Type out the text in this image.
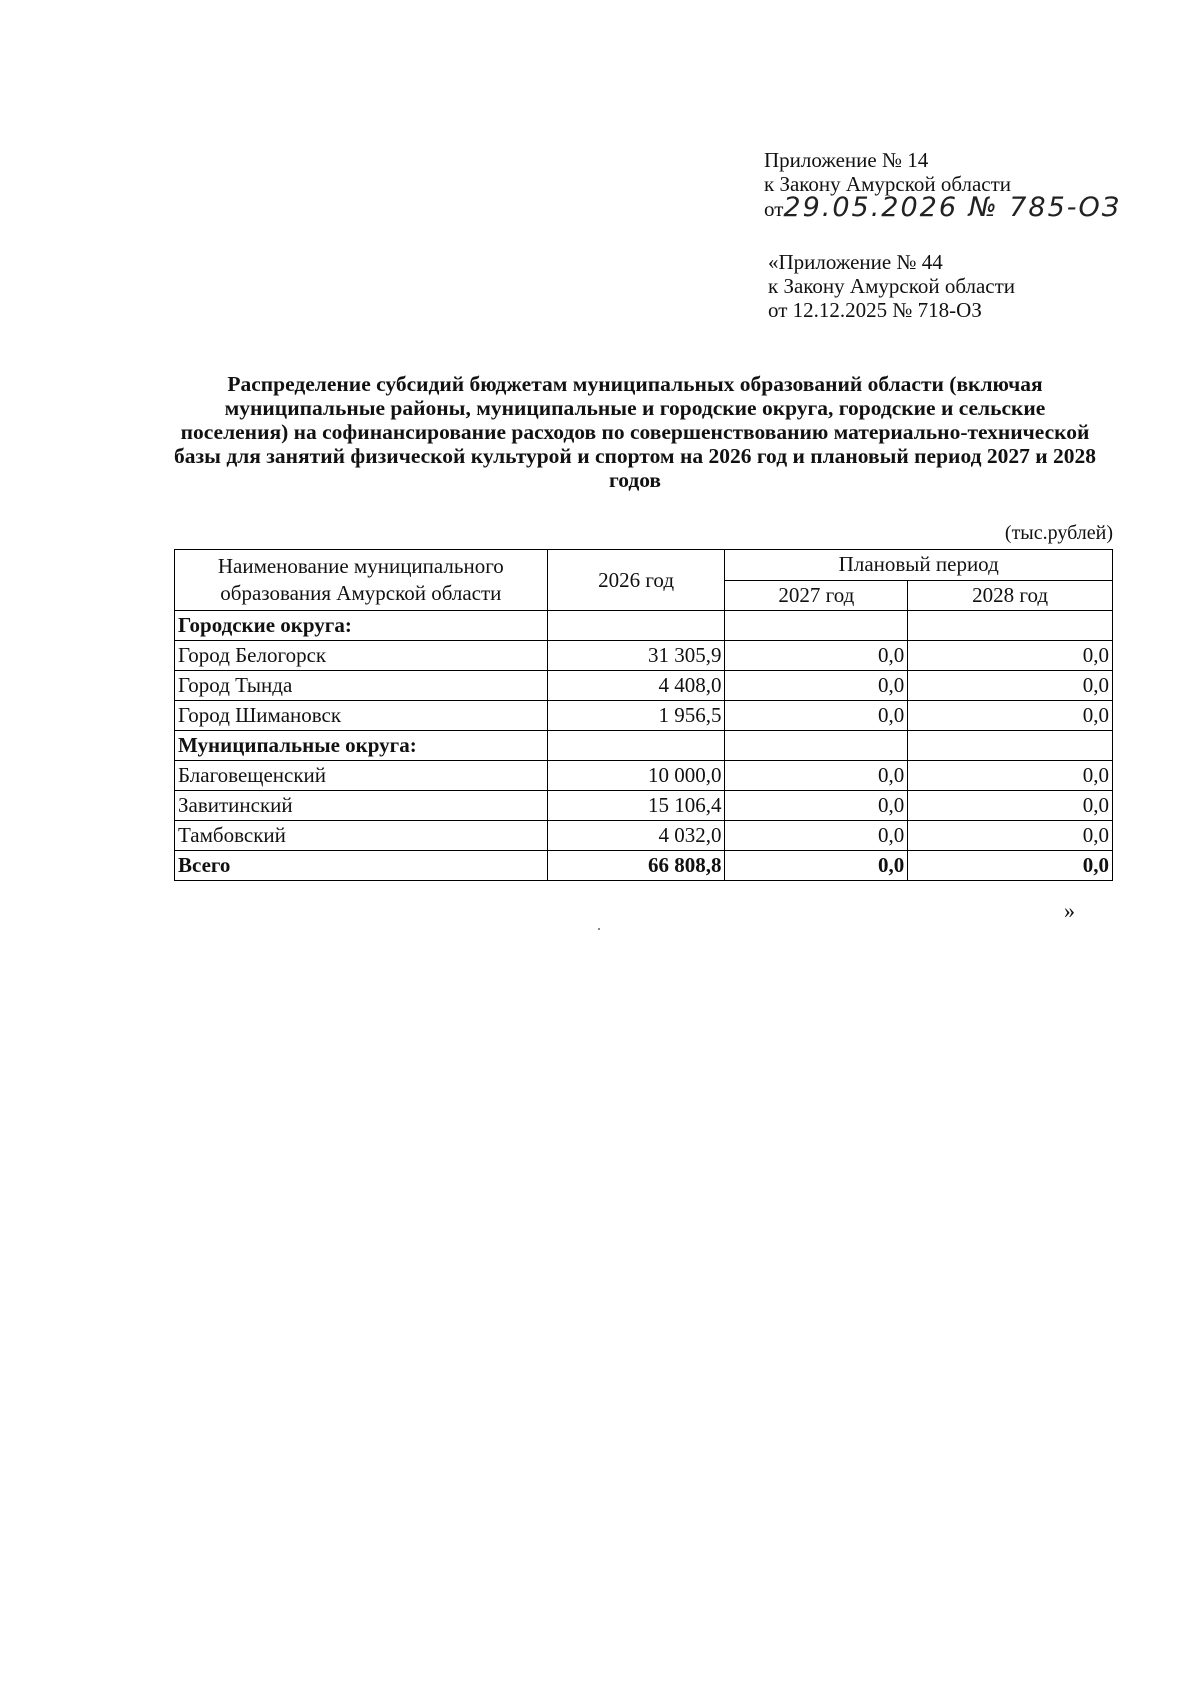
Приложение № 14
к Закону Амурской области
от29.05.2026 № 785-ОЗ
«Приложение № 44
к Закону Амурской области
от 12.12.2025 № 718-ОЗ
Распределение субсидий бюджетам муниципальных образований области (включая муниципальные районы, муниципальные и городские округа, городские и сельские поселения) на софинансирование расходов по совершенствованию материально-технической базы для занятий физической культурой и спортом на 2026 год и плановый период 2027 и 2028 годов
(тыс.рублей)
Наименование муниципального образования Амурской области	2026 год	Плановый период	
		2027 год	2028 год
Городские округа:			
Город Белогорск	31 305,9	0,0	0,0
Город Тында	4 408,0	0,0	0,0
Город Шимановск	1 956,5	0,0	0,0
Муниципальные округа:			
Благовещенский	10 000,0	0,0	0,0
Завитинский	15 106,4	0,0	0,0
Тамбовский	4 032,0	0,0	0,0
Всего	66 808,8	0,0	0,0
»
